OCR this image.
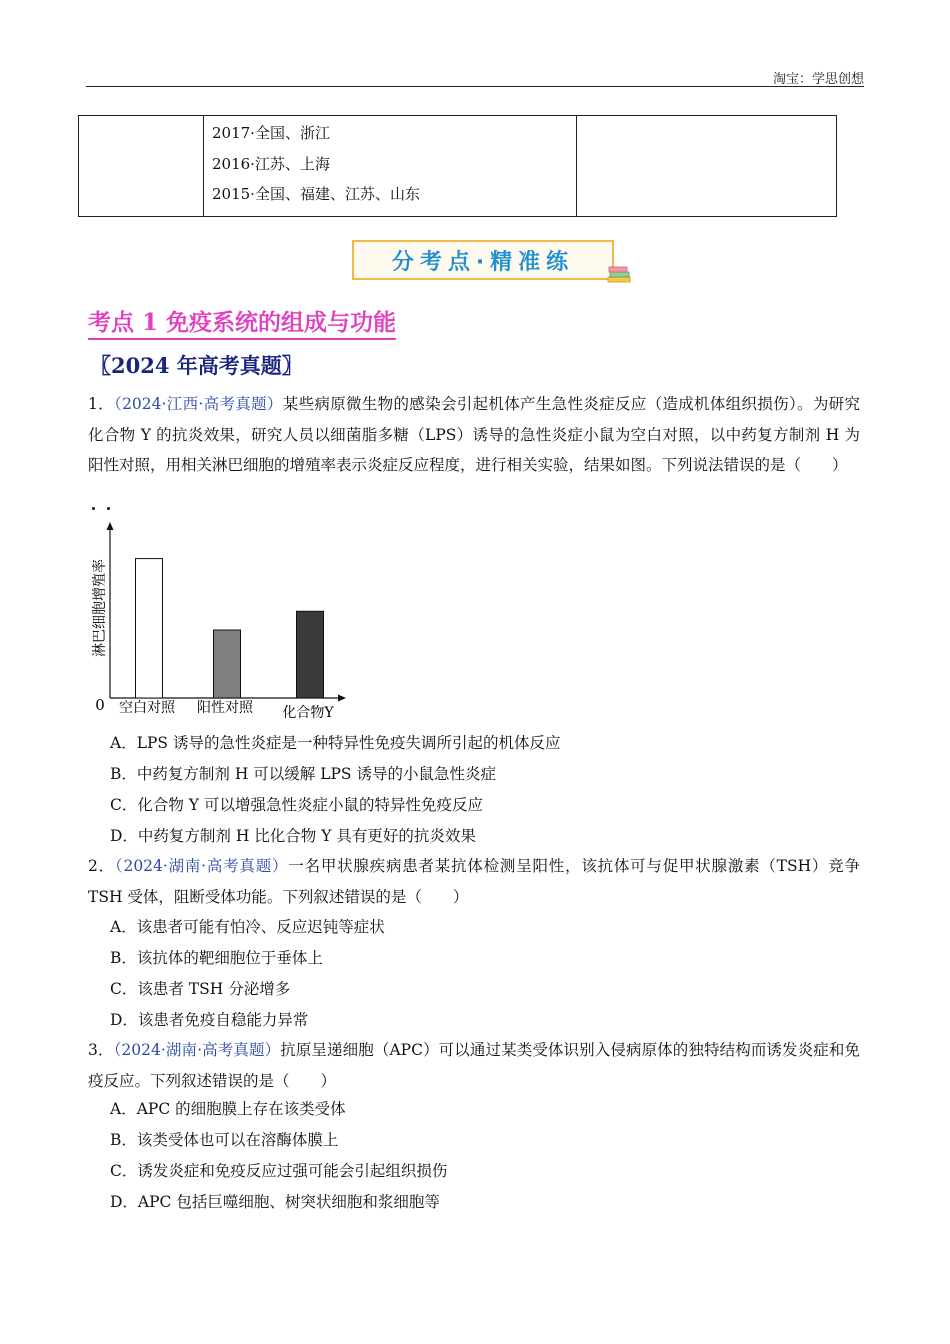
淘宝：学思创想

2017·全国、浙江
2016·江苏、上海
2015·全国、福建、江苏、山东

分考点·精准练
考点 1 免疫系统的组成与功能
〖2024 年高考真题〗
1．（2024·江西·高考真题）某些病原微生物的感染会引起机体产生急性炎症反应（造成机体组织损伤）。为研究化合物 Y 的抗炎效果，研究人员以细菌脂多糖（LPS）诱导的急性炎症小鼠为空白对照，以中药复方制剂 H 为阳性对照，用相关淋巴细胞的增殖率表示炎症反应程度，进行相关实验，结果如图。下列说法错误的是（　　）
0
淋巴细胞增殖率
空白对照 阳性对照 化合物Y
A．LPS 诱导的急性炎症是一种特异性免疫失调所引起的机体反应
B．中药复方制剂 H 可以缓解 LPS 诱导的小鼠急性炎症
C．化合物 Y 可以增强急性炎症小鼠的特异性免疫反应
D．中药复方制剂 H 比化合物 Y 具有更好的抗炎效果
2．（2024·湖南·高考真题）一名甲状腺疾病患者某抗体检测呈阳性，该抗体可与促甲状腺激素（TSH）竞争 TSH 受体，阻断受体功能。下列叙述错误的是（　　）
A．该患者可能有怕冷、反应迟钝等症状
B．该抗体的靶细胞位于垂体上
C．该患者 TSH 分泌增多
D．该患者免疫自稳能力异常
3．（2024·湖南·高考真题）抗原呈递细胞（APC）可以通过某类受体识别入侵病原体的独特结构而诱发炎症和免疫反应。下列叙述错误的是（　　）
A．APC 的细胞膜上存在该类受体
B．该类受体也可以在溶酶体膜上
C．诱发炎症和免疫反应过强可能会引起组织损伤
D．APC 包括巨噬细胞、树突状细胞和浆细胞等
